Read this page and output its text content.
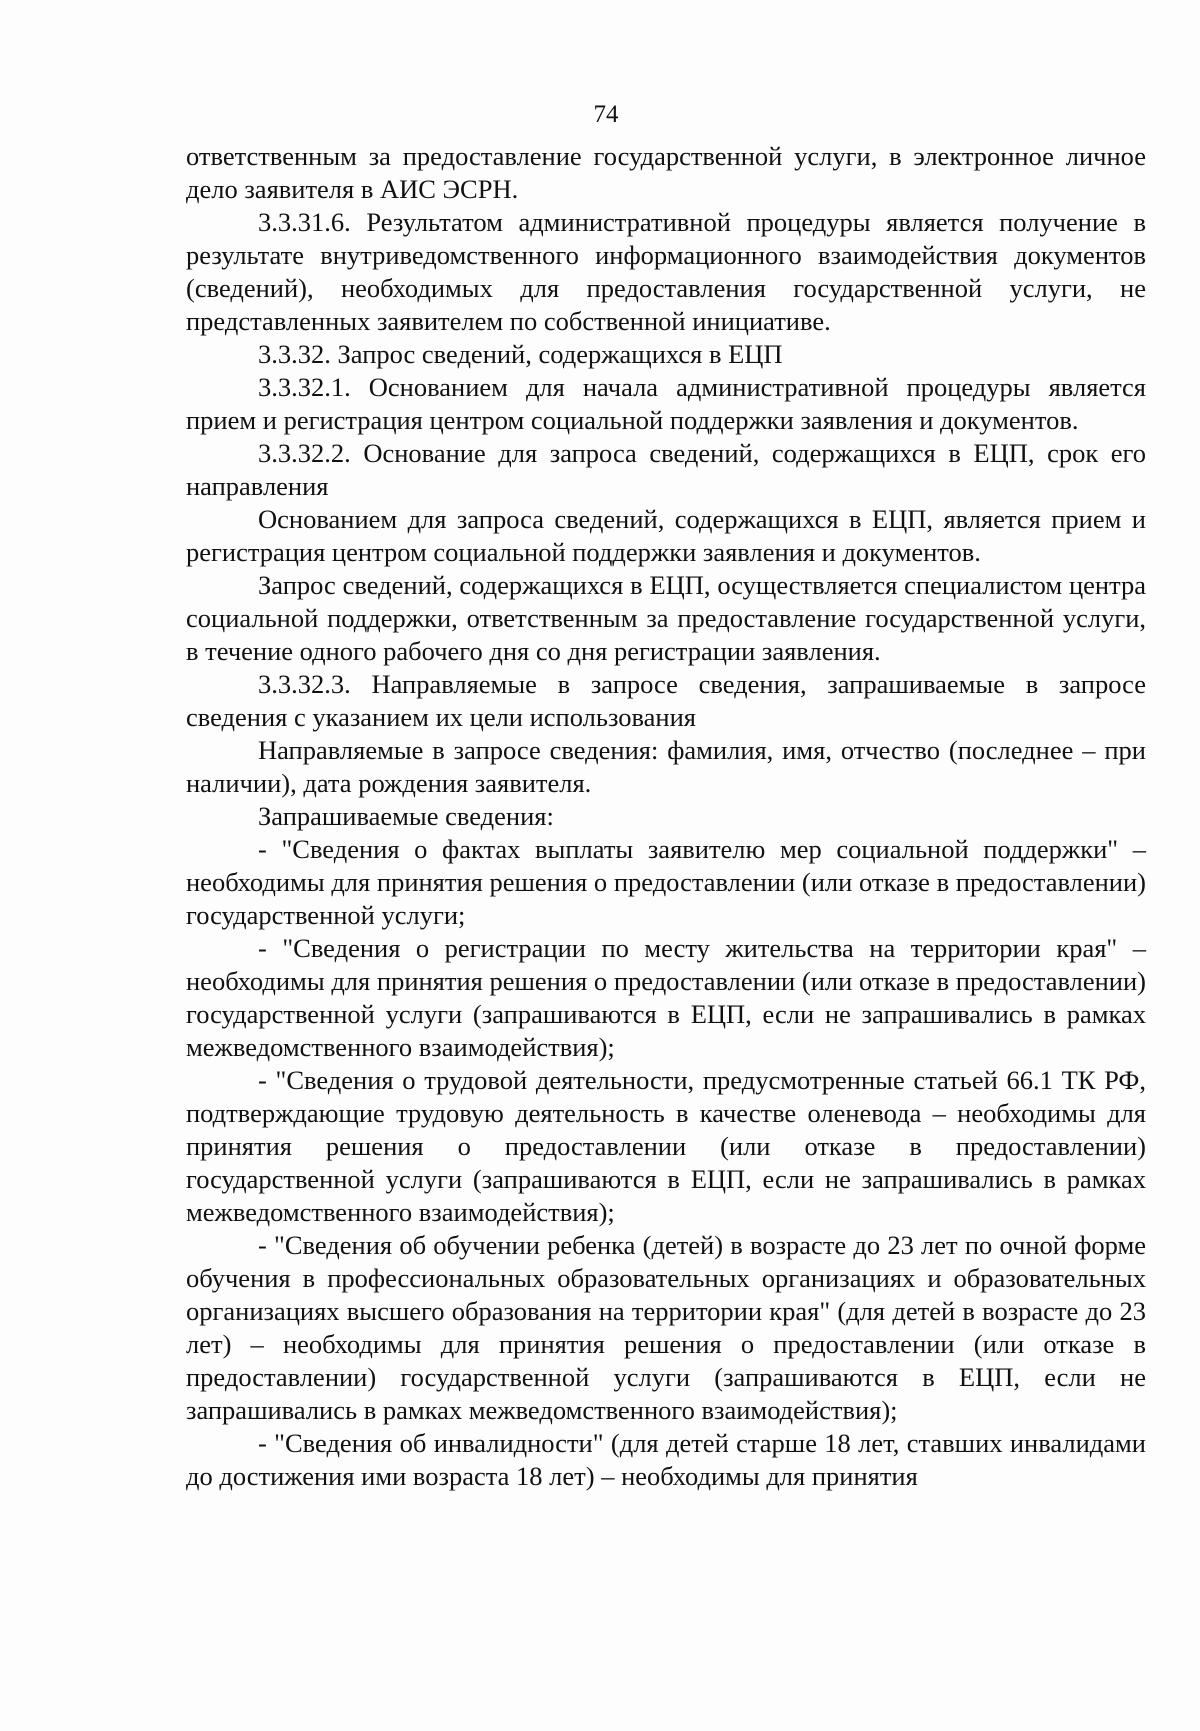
74

ответственным за предоставление государственной услуги, в электронное личное дело заявителя в АИС ЭСРН.

3.3.31.6. Результатом административной процедуры является получение в результате внутриведомственного информационного взаимодействия документов (сведений), необходимых для предоставления государственной услуги, не представленных заявителем по собственной инициативе.

3.3.32. Запрос сведений, содержащихся в ЕЦП

3.3.32.1. Основанием для начала административной процедуры является прием и регистрация центром социальной поддержки заявления и документов.

3.3.32.2. Основание для запроса сведений, содержащихся в ЕЦП, срок его направления

Основанием для запроса сведений, содержащихся в ЕЦП, является прием и регистрация центром социальной поддержки заявления и документов.

Запрос сведений, содержащихся в ЕЦП, осуществляется специалистом центра социальной поддержки, ответственным за предоставление государственной услуги, в течение одного рабочего дня со дня регистрации заявления.

3.3.32.3. Направляемые в запросе сведения, запрашиваемые в запросе сведения с указанием их цели использования

Направляемые в запросе сведения: фамилия, имя, отчество (последнее – при наличии), дата рождения заявителя.

Запрашиваемые сведения:

- "Сведения о фактах выплаты заявителю мер социальной поддержки" – необходимы для принятия решения о предоставлении (или отказе в предоставлении) государственной услуги;

- "Сведения о регистрации по месту жительства на территории края" – необходимы для принятия решения о предоставлении (или отказе в предоставлении) государственной услуги (запрашиваются в ЕЦП, если не запрашивались в рамках межведомственного взаимодействия);

- "Сведения о трудовой деятельности, предусмотренные статьей 66.1 ТК РФ, подтверждающие трудовую деятельность в качестве оленевода – необходимы для принятия решения о предоставлении (или отказе в предоставлении) государственной услуги (запрашиваются в ЕЦП, если не запрашивались в рамках межведомственного взаимодействия);

- "Сведения об обучении ребенка (детей) в возрасте до 23 лет по очной форме обучения в профессиональных образовательных организациях и образовательных организациях высшего образования на территории края" (для детей в возрасте до 23 лет) – необходимы для принятия решения о предоставлении (или отказе в предоставлении) государственной услуги (запрашиваются в ЕЦП, если не запрашивались в рамках межведомственного взаимодействия);

- "Сведения об инвалидности" (для детей старше 18 лет, ставших инвалидами до достижения ими возраста 18 лет) – необходимы для принятия
